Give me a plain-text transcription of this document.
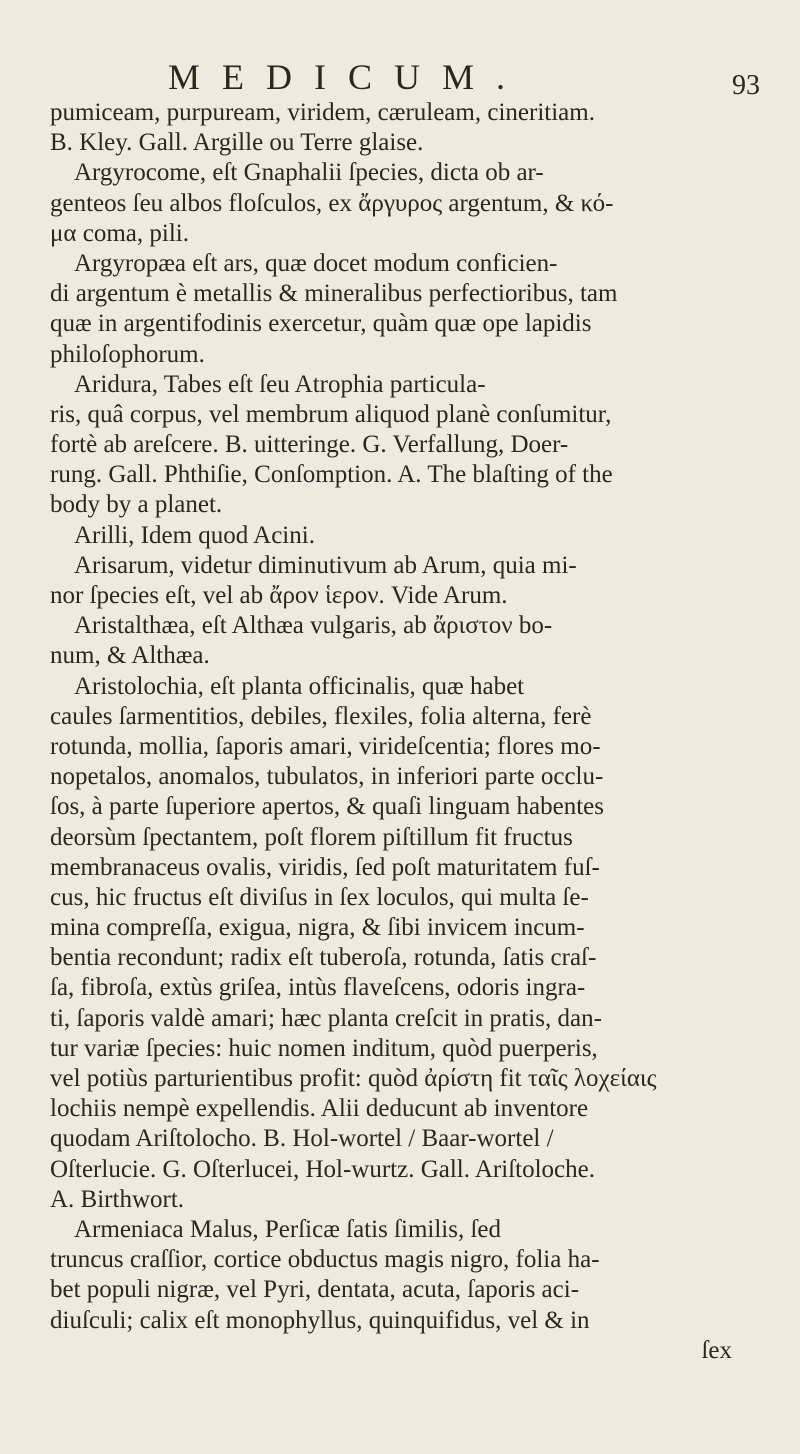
MEDICUM.	93
pumiceam, purpuream, viridem, cæruleam, cineritiam.
B. Kley. Gall. Argille ou Terre glaise.
Argyrocome, eſt Gnaphalii ſpecies, dicta ob ar-
genteos ſeu albos floſculos, ex ἄργυρος argentum, & κό-
μα coma, pili.
Argyropæa eſt ars, quæ docet modum conficien-
di argentum è metallis & mineralibus perfectioribus, tam
quæ in argentifodinis exercetur, quàm quæ ope lapidis
philoſophorum.
Aridura, Tabes eſt ſeu Atrophia particula-
ris, quâ corpus, vel membrum aliquod planè conſumitur,
fortè ab areſcere. B. uitteringe. G. Verfallung, Doer-
rung. Gall. Phthiſie, Conſomption. A. The blaſting of the
body by a planet.
Arilli, Idem quod Acini.
Arisarum, videtur diminutivum ab Arum, quia mi-
nor ſpecies eſt, vel ab ἄρον ἱερον. Vide Arum.
Aristalthæa, eſt Althæa vulgaris, ab ἄριστον bo-
num, & Althæa.
Aristolochia, eſt planta officinalis, quæ habet
caules ſarmentitios, debiles, flexiles, folia alterna, ferè
rotunda, mollia, ſaporis amari, virideſcentia; flores mo-
nopetalos, anomalos, tubulatos, in inferiori parte occlu-
ſos, à parte ſuperiore apertos, & quaſi linguam habentes
deorsùm ſpectantem, poſt florem piſtillum fit fructus
membranaceus ovalis, viridis, ſed poſt maturitatem fuſ-
cus, hic fructus eſt diviſus in ſex loculos, qui multa ſe-
mina compreſſa, exigua, nigra, & ſibi invicem incum-
bentia recondunt; radix eſt tuberoſa, rotunda, ſatis craſ-
ſa, fibroſa, extùs griſea, intùs flaveſcens, odoris ingra-
ti, ſaporis valdè amari; hæc planta creſcit in pratis, dan-
tur variæ ſpecies: huic nomen inditum, quòd puerperis,
vel potiùs parturientibus profit: quòd ἀρίστη fit ταῖς λοχείαις
lochiis nempè expellendis. Alii deducunt ab inventore
quodam Ariſtolocho. B. Hol-wortel / Baar-wortel /
Oſterlucie. G. Oſterlucei, Hol-wurtz. Gall. Ariſtoloche.
A. Birthwort.
Armeniaca Malus, Perſicæ ſatis ſimilis, ſed
truncus craſſior, cortice obductus magis nigro, folia ha-
bet populi nigræ, vel Pyri, dentata, acuta, ſaporis aci-
diuſculi; calix eſt monophyllus, quinquifidus, vel & in
ſex
